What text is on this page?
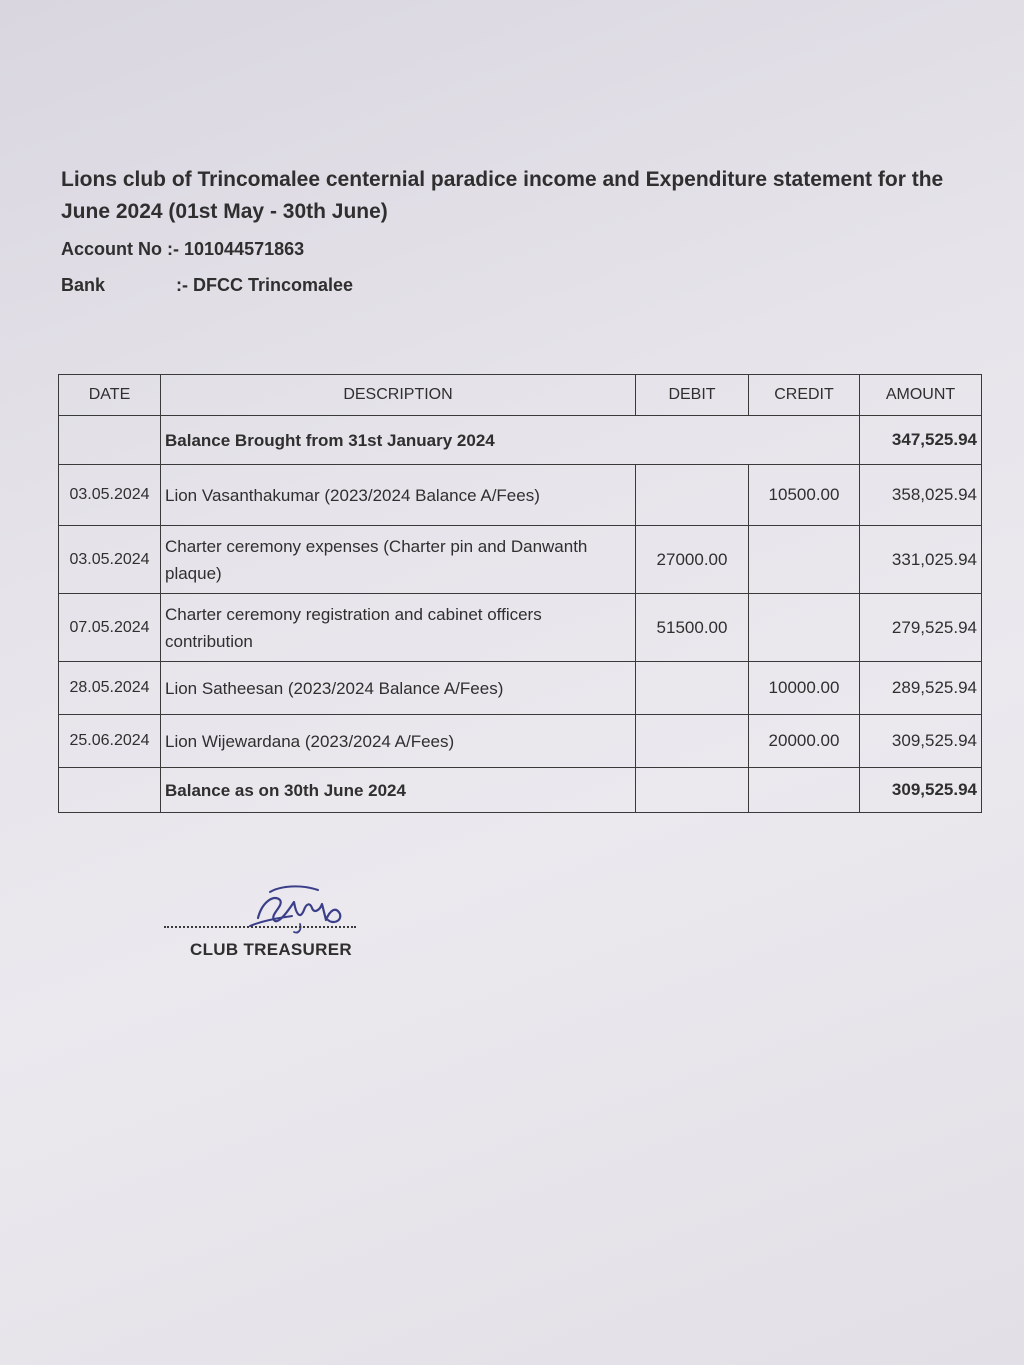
Lions club of Trincomalee centernial paradice income and Expenditure statement for the June 2024 (01st May - 30th June)
Account No :- 101044571863
Bank	:- DFCC Trincomalee
DATE	DESCRIPTION	DEBIT	CREDIT	AMOUNT
	Balance Brought from 31st January 2024			347,525.94
03.05.2024	Lion Vasanthakumar (2023/2024 Balance A/Fees)		10500.00	358,025.94
03.05.2024	Charter ceremony expenses (Charter pin and Danwanth plaque)	27000.00		331,025.94
07.05.2024	Charter ceremony registration and cabinet officers contribution	51500.00		279,525.94
28.05.2024	Lion Satheesan (2023/2024 Balance A/Fees)		10000.00	289,525.94
25.06.2024	Lion Wijewardana (2023/2024 A/Fees)		20000.00	309,525.94
	Balance as on 30th June 2024			309,525.94
CLUB TREASURER
